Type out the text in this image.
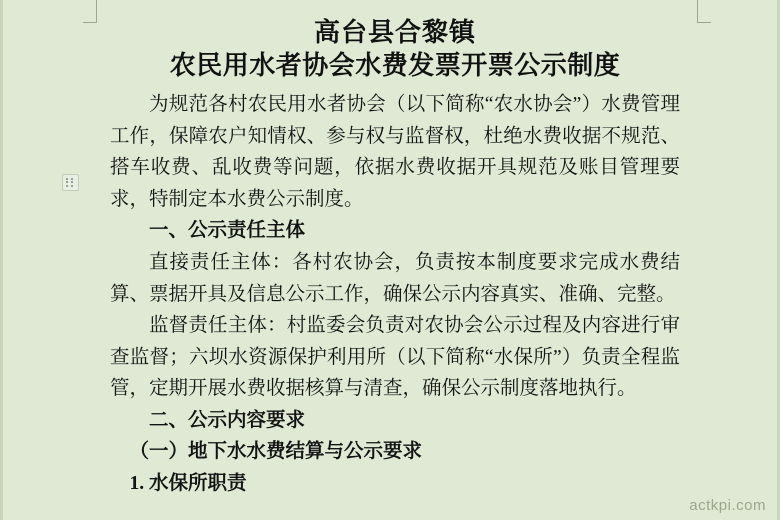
高台县合黎镇
农民用水者协会水费发票开票公示制度

为规范各村农民用水者协会（以下简称“农水协会”）水费管理工作，保障农户知情权、参与权与监督权，杜绝水费收据不规范、搭车收费、乱收费等问题，依据水费收据开具规范及账目管理要求，特制定本水费公示制度。

一、公示责任主体

直接责任主体：各村农协会，负责按本制度要求完成水费结算、票据开具及信息公示工作，确保公示内容真实、准确、完整。

监督责任主体：村监委会负责对农协会公示过程及内容进行审查监督；六坝水资源保护利用所（以下简称“水保所”）负责全程监管，定期开展水费收据核算与清查，确保公示制度落地执行。

二、公示内容要求

（一）地下水水费结算与公示要求

1. 水保所职责

actkpi.com
